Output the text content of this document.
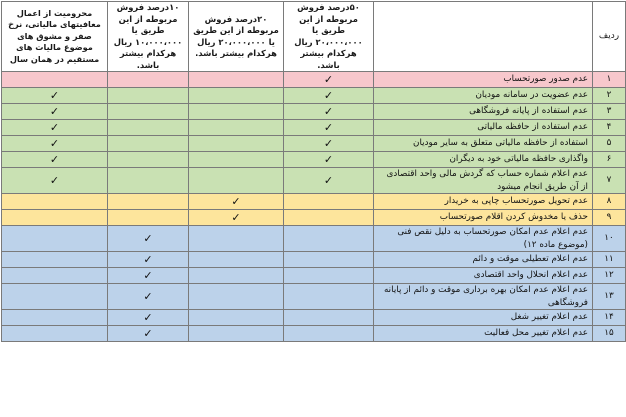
ردیف		۵۰درصد فروش مربوطه از این طریق یا ۲۰،۰۰۰،۰۰۰ ریال هرکدام بیشتر باشد.	۲۰درصد فروش مربوطه از این طریق یا ۲۰،۰۰۰،۰۰۰ ریال هرکدام بیشتر باشد.	۱۰درصد فروش مربوطه از این طریق یا ۱۰،۰۰۰،۰۰۰ ریال هرکدام بیشتر باشد.	محرومیت از اعمال معافیتهای مالیاتی، نرخ صفر و مشوق های موضوع مالیات های مستقیم در همان سال
۱	عدم صدور صورتحساب	✓			
۲	عدم عضویت در سامانه مودیان	✓			✓
۳	عدم استفاده از پایانه فروشگاهی	✓			✓
۴	عدم استفاده از حافظه مالیاتی	✓			✓
۵	استفاده از حافظه مالیاتی متعلق به سایر مودیان	✓			✓
۶	واگذاری حافظه مالیاتی خود به دیگران	✓			✓
۷	عدم اعلام شماره حساب که گردش مالی واحد اقتصادی از آن طریق انجام میشود	✓			✓
۸	عدم تحویل صورتحساب چاپی به خریدار		✓		
۹	حذف یا مخدوش کردن اقلام صورتحساب		✓		
۱۰	عدم اعلام عدم امکان صورتحساب به دلیل نقص فنی (موضوع ماده ۱۲)			✓	
۱۱	عدم اعلام تعطیلی موقت و دائم			✓	
۱۲	عدم اعلام انحلال واحد اقتصادی			✓	
۱۳	عدم اعلام عدم امکان بهره برداری موقت و دائم از پایانه فروشگاهی			✓	
۱۴	عدم اعلام تغییر شغل			✓	
۱۵	عدم اعلام تغییر محل فعالیت			✓	
